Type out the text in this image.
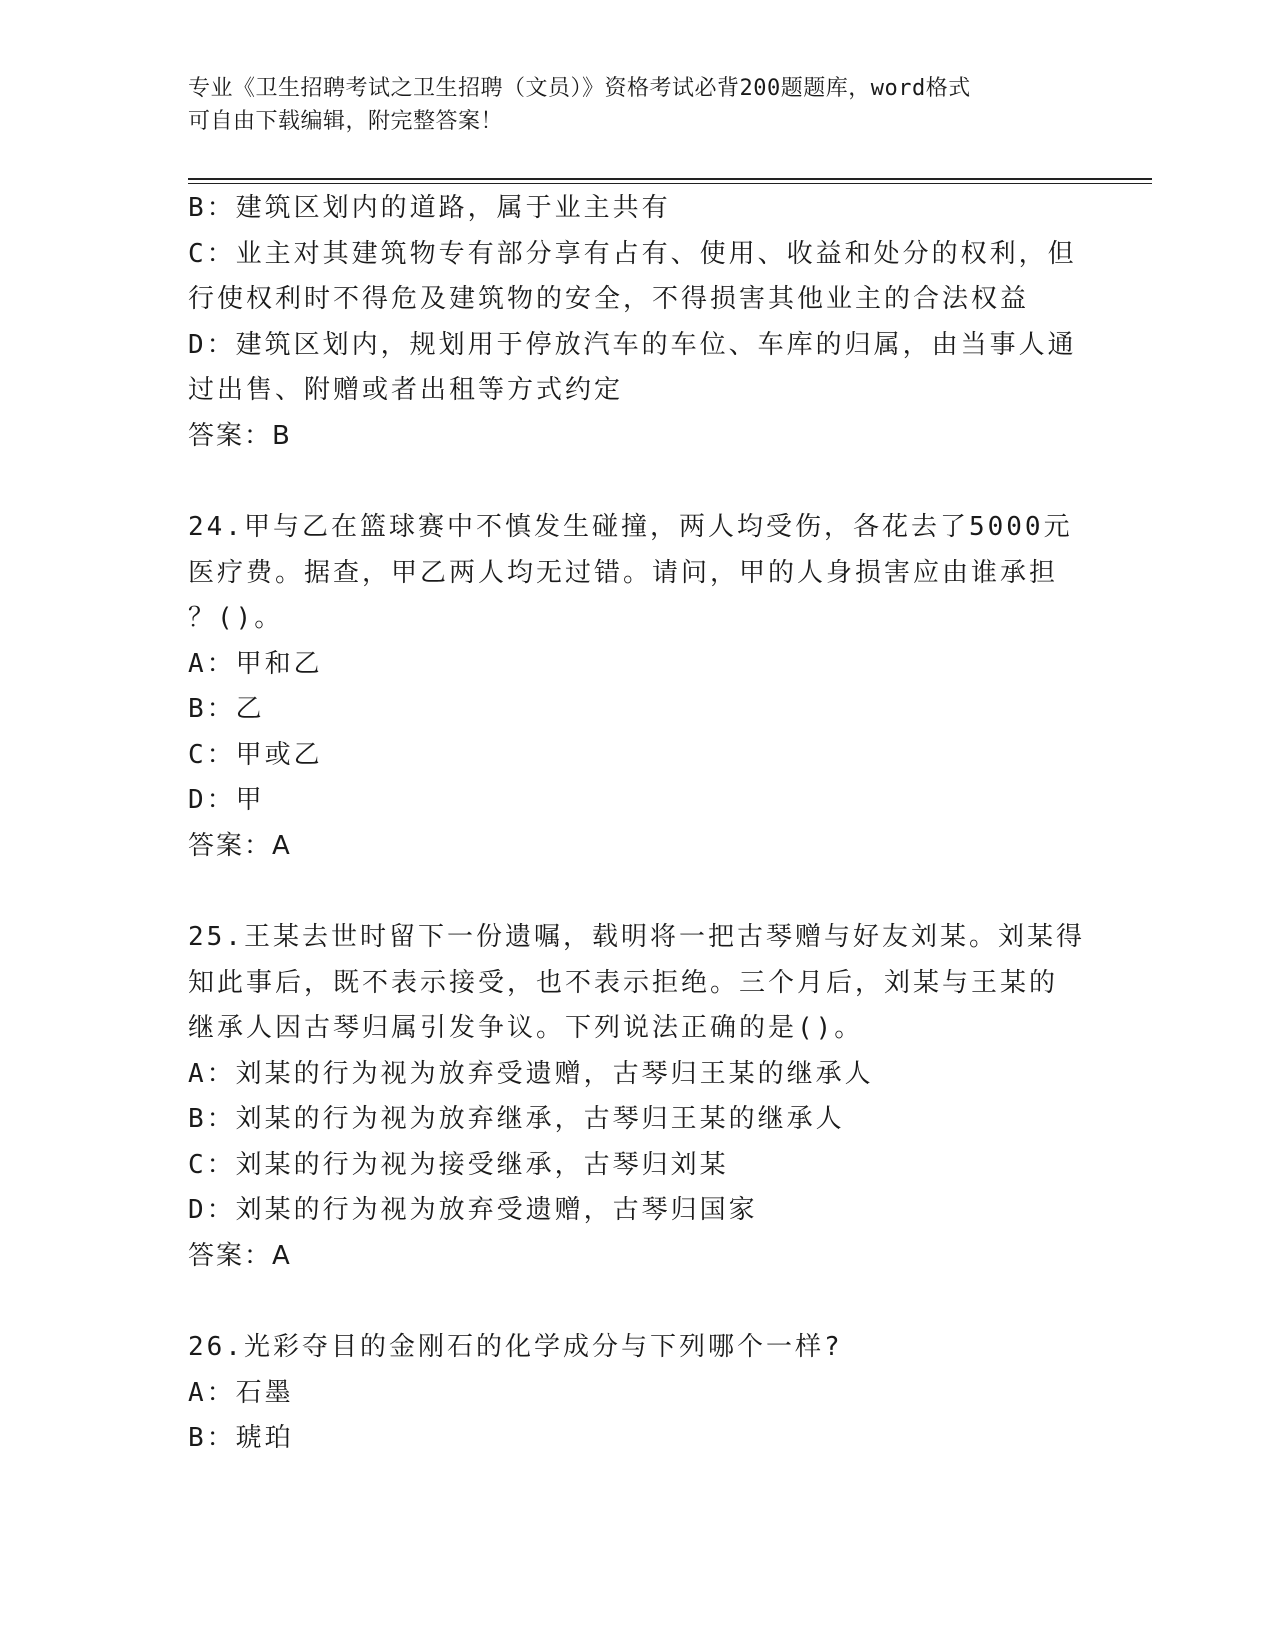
专业《卫生招聘考试之卫生招聘（文员）》资格考试必背200题题库，word格式
可自由下载编辑，附完整答案！

B：建筑区划内的道路，属于业主共有

C：业主对其建筑物专有部分享有占有、使用、收益和处分的权利，但

行使权利时不得危及建筑物的安全，不得损害其他业主的合法权益

D：建筑区划内，规划用于停放汽车的车位、车库的归属，由当事人通

过出售、附赠或者出租等方式约定

答案：B

24.甲与乙在篮球赛中不慎发生碰撞，两人均受伤，各花去了5000元

医疗费。据查，甲乙两人均无过错。请问，甲的人身损害应由谁承担

？()。

A：甲和乙

B：乙

C：甲或乙

D：甲

答案：A

25.王某去世时留下一份遗嘱，载明将一把古琴赠与好友刘某。刘某得

知此事后，既不表示接受，也不表示拒绝。三个月后，刘某与王某的

继承人因古琴归属引发争议。下列说法正确的是()。

A：刘某的行为视为放弃受遗赠，古琴归王某的继承人

B：刘某的行为视为放弃继承，古琴归王某的继承人

C：刘某的行为视为接受继承，古琴归刘某

D：刘某的行为视为放弃受遗赠，古琴归国家

答案：A

26.光彩夺目的金刚石的化学成分与下列哪个一样?

A：石墨

B：琥珀
